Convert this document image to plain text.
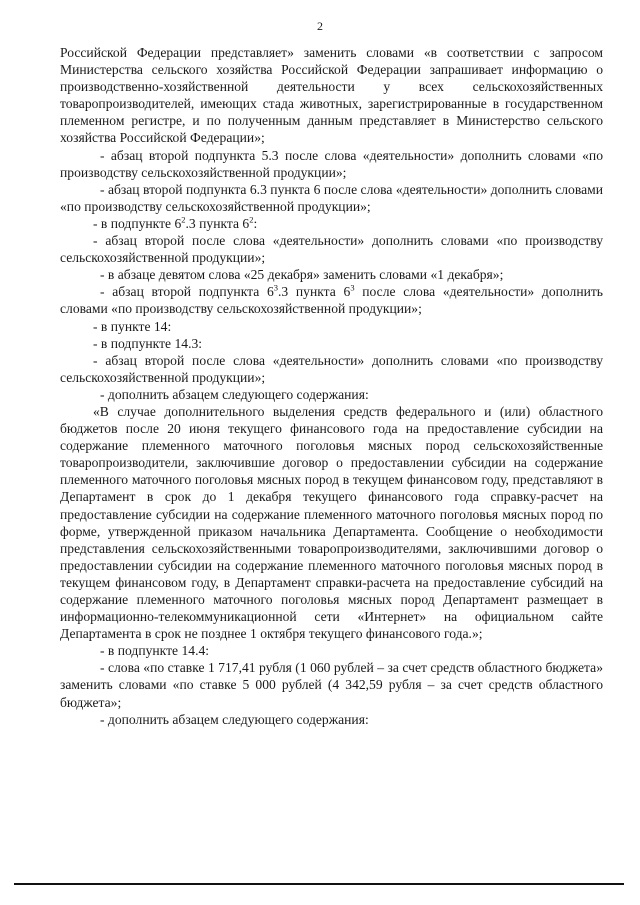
2

Российской Федерации представляет» заменить словами «в соответствии с запросом Министерства сельского хозяйства Российской Федерации запрашивает информацию о производственно-хозяйственной деятельности у всех сельскохозяйственных товаропроизводителей, имеющих стада животных, зарегистрированные в государственном племенном регистре, и по полученным данным представляет в Министерство сельского хозяйства Российской Федерации»;

- абзац второй подпункта 5.3 после слова «деятельности» дополнить словами «по производству сельскохозяйственной продукции»;

- абзац второй подпункта 6.3 пункта 6 после слова «деятельности» дополнить словами «по производству сельскохозяйственной продукции»;

- в подпункте $6^2.3$ пункта $6^2$:

- абзац второй после слова «деятельности» дополнить словами «по производству сельскохозяйственной продукции»;

- в абзаце девятом слова «25 декабря» заменить словами «1 декабря»;

- абзац второй подпункта $6^3.3$ пункта $6^3$ после слова «деятельности» дополнить словами «по производству сельскохозяйственной продукции»;

- в пункте 14:

- в подпункте 14.3:

- абзац второй после слова «деятельности» дополнить словами «по производству сельскохозяйственной продукции»;

- дополнить абзацем следующего содержания:

«В случае дополнительного выделения средств федерального и (или) областного бюджетов после 20 июня текущего финансового года на предоставление субсидии на содержание племенного маточного поголовья мясных пород сельскохозяйственные товаропроизводители, заключившие договор о предоставлении субсидии на содержание племенного маточного поголовья мясных пород в текущем финансовом году, представляют в Департамент в срок до 1 декабря текущего финансового года справку-расчет на предоставление субсидии на содержание племенного маточного поголовья мясных пород по форме, утвержденной приказом начальника Департамента. Сообщение о необходимости представления сельскохозяйственными товаропроизводителями, заключившими договор о предоставлении субсидии на содержание племенного маточного поголовья мясных пород в текущем финансовом году, в Департамент справки-расчета на предоставление субсидий на содержание племенного маточного поголовья мясных пород Департамент размещает в информационно-телекоммуникационной сети «Интернет» на официальном сайте Департамента в срок не позднее 1 октября текущего финансового года.»;

- в подпункте 14.4:

- слова «по ставке 1 717,41 рубля (1 060 рублей – за счет средств областного бюджета» заменить словами «по ставке 5 000 рублей (4 342,59 рубля – за счет средств областного бюджета»;

- дополнить абзацем следующего содержания:
